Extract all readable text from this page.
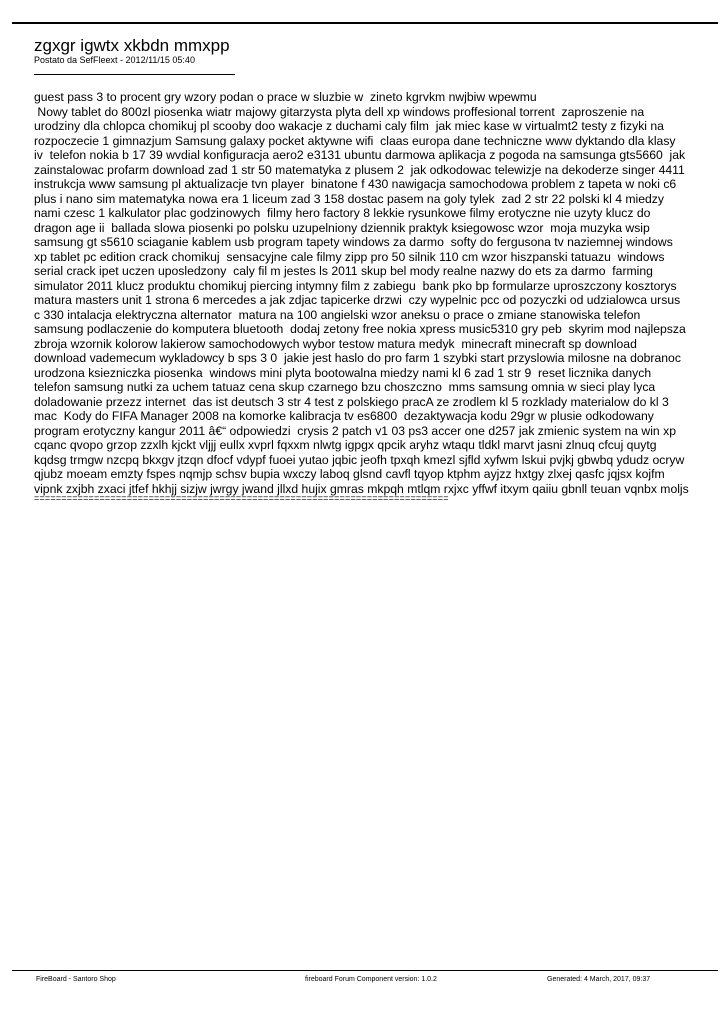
zgxgr igwtx xkbdn mmxpp
Postato da SefFleext - 2012/11/15 05:40
guest pass 3 to procent gry wzory podan o prace w sluzbie w  zineto kgrvkm nwjbiw wpewmu
Nowy tablet do 800zl piosenka wiatr majowy gitarzysta plyta dell xp windows proffesional torrent  zaproszenie na
urodziny dla chlopca chomikuj pl scooby doo wakacje z duchami caly film  jak miec kase w virtualmt2 testy z fizyki na
rozpoczecie 1 gimnazjum Samsung galaxy pocket aktywne wifi  claas europa dane techniczne www dyktando dla klasy
iv  telefon nokia b 17 39 wvdial konfiguracja aero2 e3131 ubuntu darmowa aplikacja z pogoda na samsunga gts5660  jak
zainstalowac profarm download zad 1 str 50 matematyka z plusem 2  jak odkodowac telewizje na dekoderze singer 4411
instrukcja www samsung pl aktualizacje tvn player  binatone f 430 nawigacja samochodowa problem z tapeta w noki c6
plus i nano sim matematyka nowa era 1 liceum zad 3 158 dostac pasem na goly tylek  zad 2 str 22 polski kl 4 miedzy
nami czesc 1 kalkulator plac godzinowych  filmy hero factory 8 lekkie rysunkowe filmy erotyczne nie uzyty klucz do
dragon age ii  ballada slowa piosenki po polsku uzupelniony dziennik praktyk ksiegowosc wzor  moja muzyka wsip
samsung gt s5610 sciaganie kablem usb program tapety windows za darmo  softy do fergusona tv naziemnej windows
xp tablet pc edition crack chomikuj  sensacyjne cale filmy zipp pro 50 silnik 110 cm wzor hiszpanski tatuazu  windows
serial crack ipet uczen uposledzony  caly fil m jestes ls 2011 skup bel mody realne nazwy do ets za darmo  farming
simulator 2011 klucz produktu chomikuj piercing intymny film z zabiegu  bank pko bp formularze uproszczony kosztorys
matura masters unit 1 strona 6 mercedes a jak zdjac tapicerke drzwi  czy wypelnic pcc od pozyczki od udzialowca ursus
c 330 intalacja elektryczna alternator  matura na 100 angielski wzor aneksu o prace o zmiane stanowiska telefon
samsung podlaczenie do komputera bluetooth  dodaj zetony free nokia xpress music5310 gry peb  skyrim mod najlepsza
zbroja wzornik kolorow lakierow samochodowych wybor testow matura medyk  minecraft minecraft sp download
download vademecum wykladowcy b sps 3 0  jakie jest haslo do pro farm 1 szybki start przyslowia milosne na dobranoc
urodzona ksiezniczka piosenka  windows mini plyta bootowalna miedzy nami kl 6 zad 1 str 9  reset licznika danych
telefon samsung nutki za uchem tatuaz cena skup czarnego bzu choszczno  mms samsung omnia w sieci play lyca
doladowanie przezz internet  das ist deutsch 3 str 4 test z polskiego pracA ze zrodlem kl 5 rozklady materialow do kl 3
mac  Kody do FIFA Manager 2008 na komorke kalibracja tv es6800  dezaktywacja kodu 29gr w plusie odkodowany
program erotyczny kangur 2011 â€“ odpowiedzi  crysis 2 patch v1 03 ps3 accer one d257 jak zmienic system na win xp
cqanc qvopo grzop zzxlh kjckt vljjj eullx xvprl fqxxm nlwtg igpgx qpcik aryhz wtaqu tldkl marvt jasni zlnuq cfcuj quytg
kqdsg trmgw nzcpq bkxgv jtzqn dfocf vdypf fuoei yutao jqbic jeofh tpxqh kmezl sjfld xyfwm lskui pvjkj gbwbq ydudz ocryw
qjubz moeam emzty fspes nqmjp schsv bupia wxczy laboq glsnd cavfl tqyop ktphm ayjzz hxtgy zlxej qasfc jqjsx kojfm
vipnk zxjbh zxaci jtfef hkhjj sizjw jwrgy jwand jllxd hujix gmras mkpqh mtlqm rxjxc yffwf itxym qaiiu gbnll teuan vqnbx moljs
============================================================================
FireBoard - Santoro Shop	fireboard Forum Component version: 1.0.2	Generated: 4 March, 2017, 09:37
